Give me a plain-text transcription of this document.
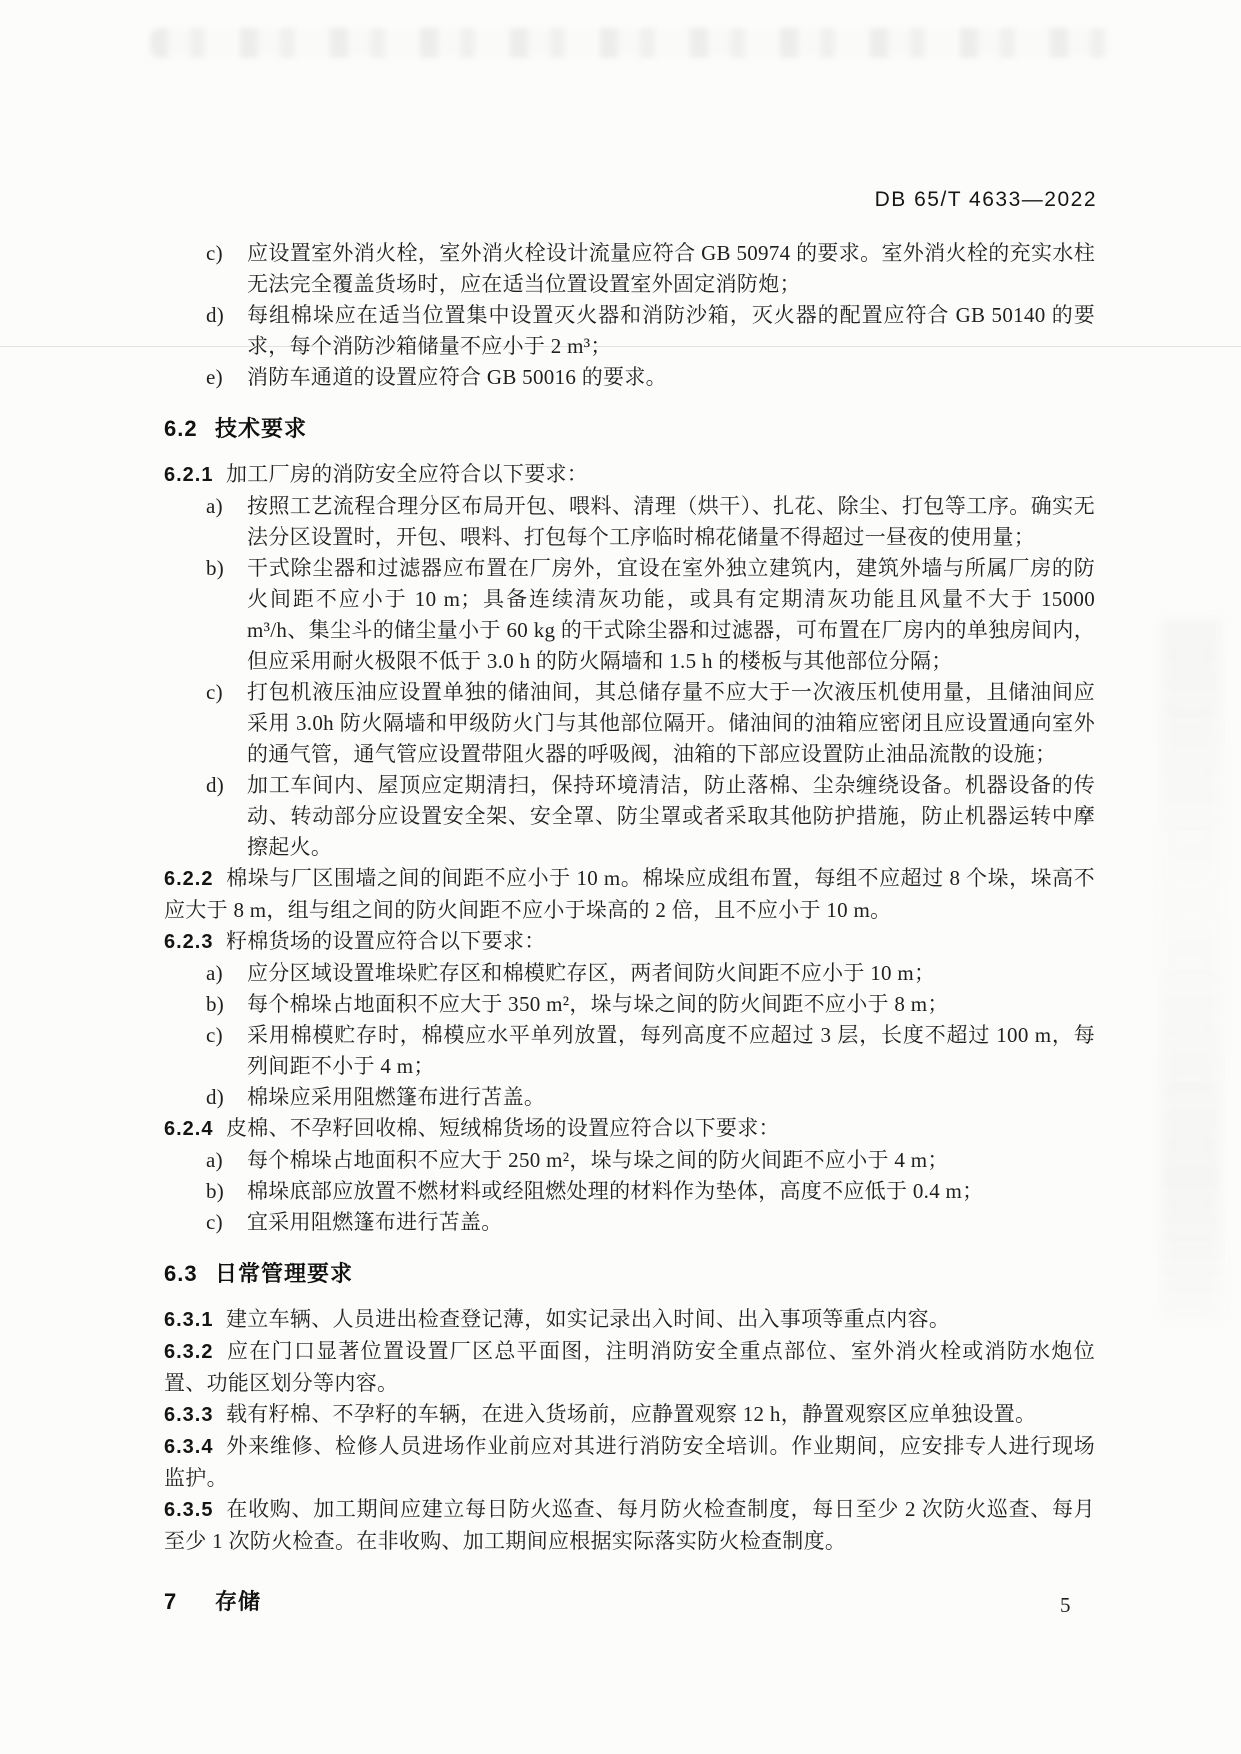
DB 65/T 4633—2022
c) 应设置室外消火栓，室外消火栓设计流量应符合 GB 50974 的要求。室外消火栓的充实水柱无法完全覆盖货场时，应在适当位置设置室外固定消防炮；
d) 每组棉垛应在适当位置集中设置灭火器和消防沙箱，灭火器的配置应符合 GB 50140 的要求，每个消防沙箱储量不应小于 2 m³；
e) 消防车通道的设置应符合 GB 50016 的要求。
6.2 技术要求
6.2.1 加工厂房的消防安全应符合以下要求：
a) 按照工艺流程合理分区布局开包、喂料、清理（烘干）、扎花、除尘、打包等工序。确实无法分区设置时，开包、喂料、打包每个工序临时棉花储量不得超过一昼夜的使用量；
b) 干式除尘器和过滤器应布置在厂房外，宜设在室外独立建筑内，建筑外墙与所属厂房的防火间距不应小于 10 m；具备连续清灰功能，或具有定期清灰功能且风量不大于 15000 m³/h、集尘斗的储尘量小于 60 kg 的干式除尘器和过滤器，可布置在厂房内的单独房间内，但应采用耐火极限不低于 3.0 h 的防火隔墙和 1.5 h 的楼板与其他部位分隔；
c) 打包机液压油应设置单独的储油间，其总储存量不应大于一次液压机使用量，且储油间应采用 3.0h 防火隔墙和甲级防火门与其他部位隔开。储油间的油箱应密闭且应设置通向室外的通气管，通气管应设置带阻火器的呼吸阀，油箱的下部应设置防止油品流散的设施；
d) 加工车间内、屋顶应定期清扫，保持环境清洁，防止落棉、尘杂缠绕设备。机器设备的传动、转动部分应设置安全架、安全罩、防尘罩或者采取其他防护措施，防止机器运转中摩擦起火。
6.2.2 棉垛与厂区围墙之间的间距不应小于 10 m。棉垛应成组布置，每组不应超过 8 个垛，垛高不应大于 8 m，组与组之间的防火间距不应小于垛高的 2 倍，且不应小于 10 m。
6.2.3 籽棉货场的设置应符合以下要求：
a) 应分区域设置堆垛贮存区和棉模贮存区，两者间防火间距不应小于 10 m；
b) 每个棉垛占地面积不应大于 350 m²，垛与垛之间的防火间距不应小于 8 m；
c) 采用棉模贮存时，棉模应水平单列放置，每列高度不应超过 3 层，长度不超过 100 m，每列间距不小于 4 m；
d) 棉垛应采用阻燃篷布进行苫盖。
6.2.4 皮棉、不孕籽回收棉、短绒棉货场的设置应符合以下要求：
a) 每个棉垛占地面积不应大于 250 m²，垛与垛之间的防火间距不应小于 4 m；
b) 棉垛底部应放置不燃材料或经阻燃处理的材料作为垫体，高度不应低于 0.4 m；
c) 宜采用阻燃篷布进行苫盖。
6.3 日常管理要求
6.3.1 建立车辆、人员进出检查登记薄，如实记录出入时间、出入事项等重点内容。
6.3.2 应在门口显著位置设置厂区总平面图，注明消防安全重点部位、室外消火栓或消防水炮位置、功能区划分等内容。
6.3.3 载有籽棉、不孕籽的车辆，在进入货场前，应静置观察 12 h，静置观察区应单独设置。
6.3.4 外来维修、检修人员进场作业前应对其进行消防安全培训。作业期间，应安排专人进行现场监护。
6.3.5 在收购、加工期间应建立每日防火巡查、每月防火检查制度，每日至少 2 次防火巡查、每月至少 1 次防火检查。在非收购、加工期间应根据实际落实防火检查制度。
7 存储	5
